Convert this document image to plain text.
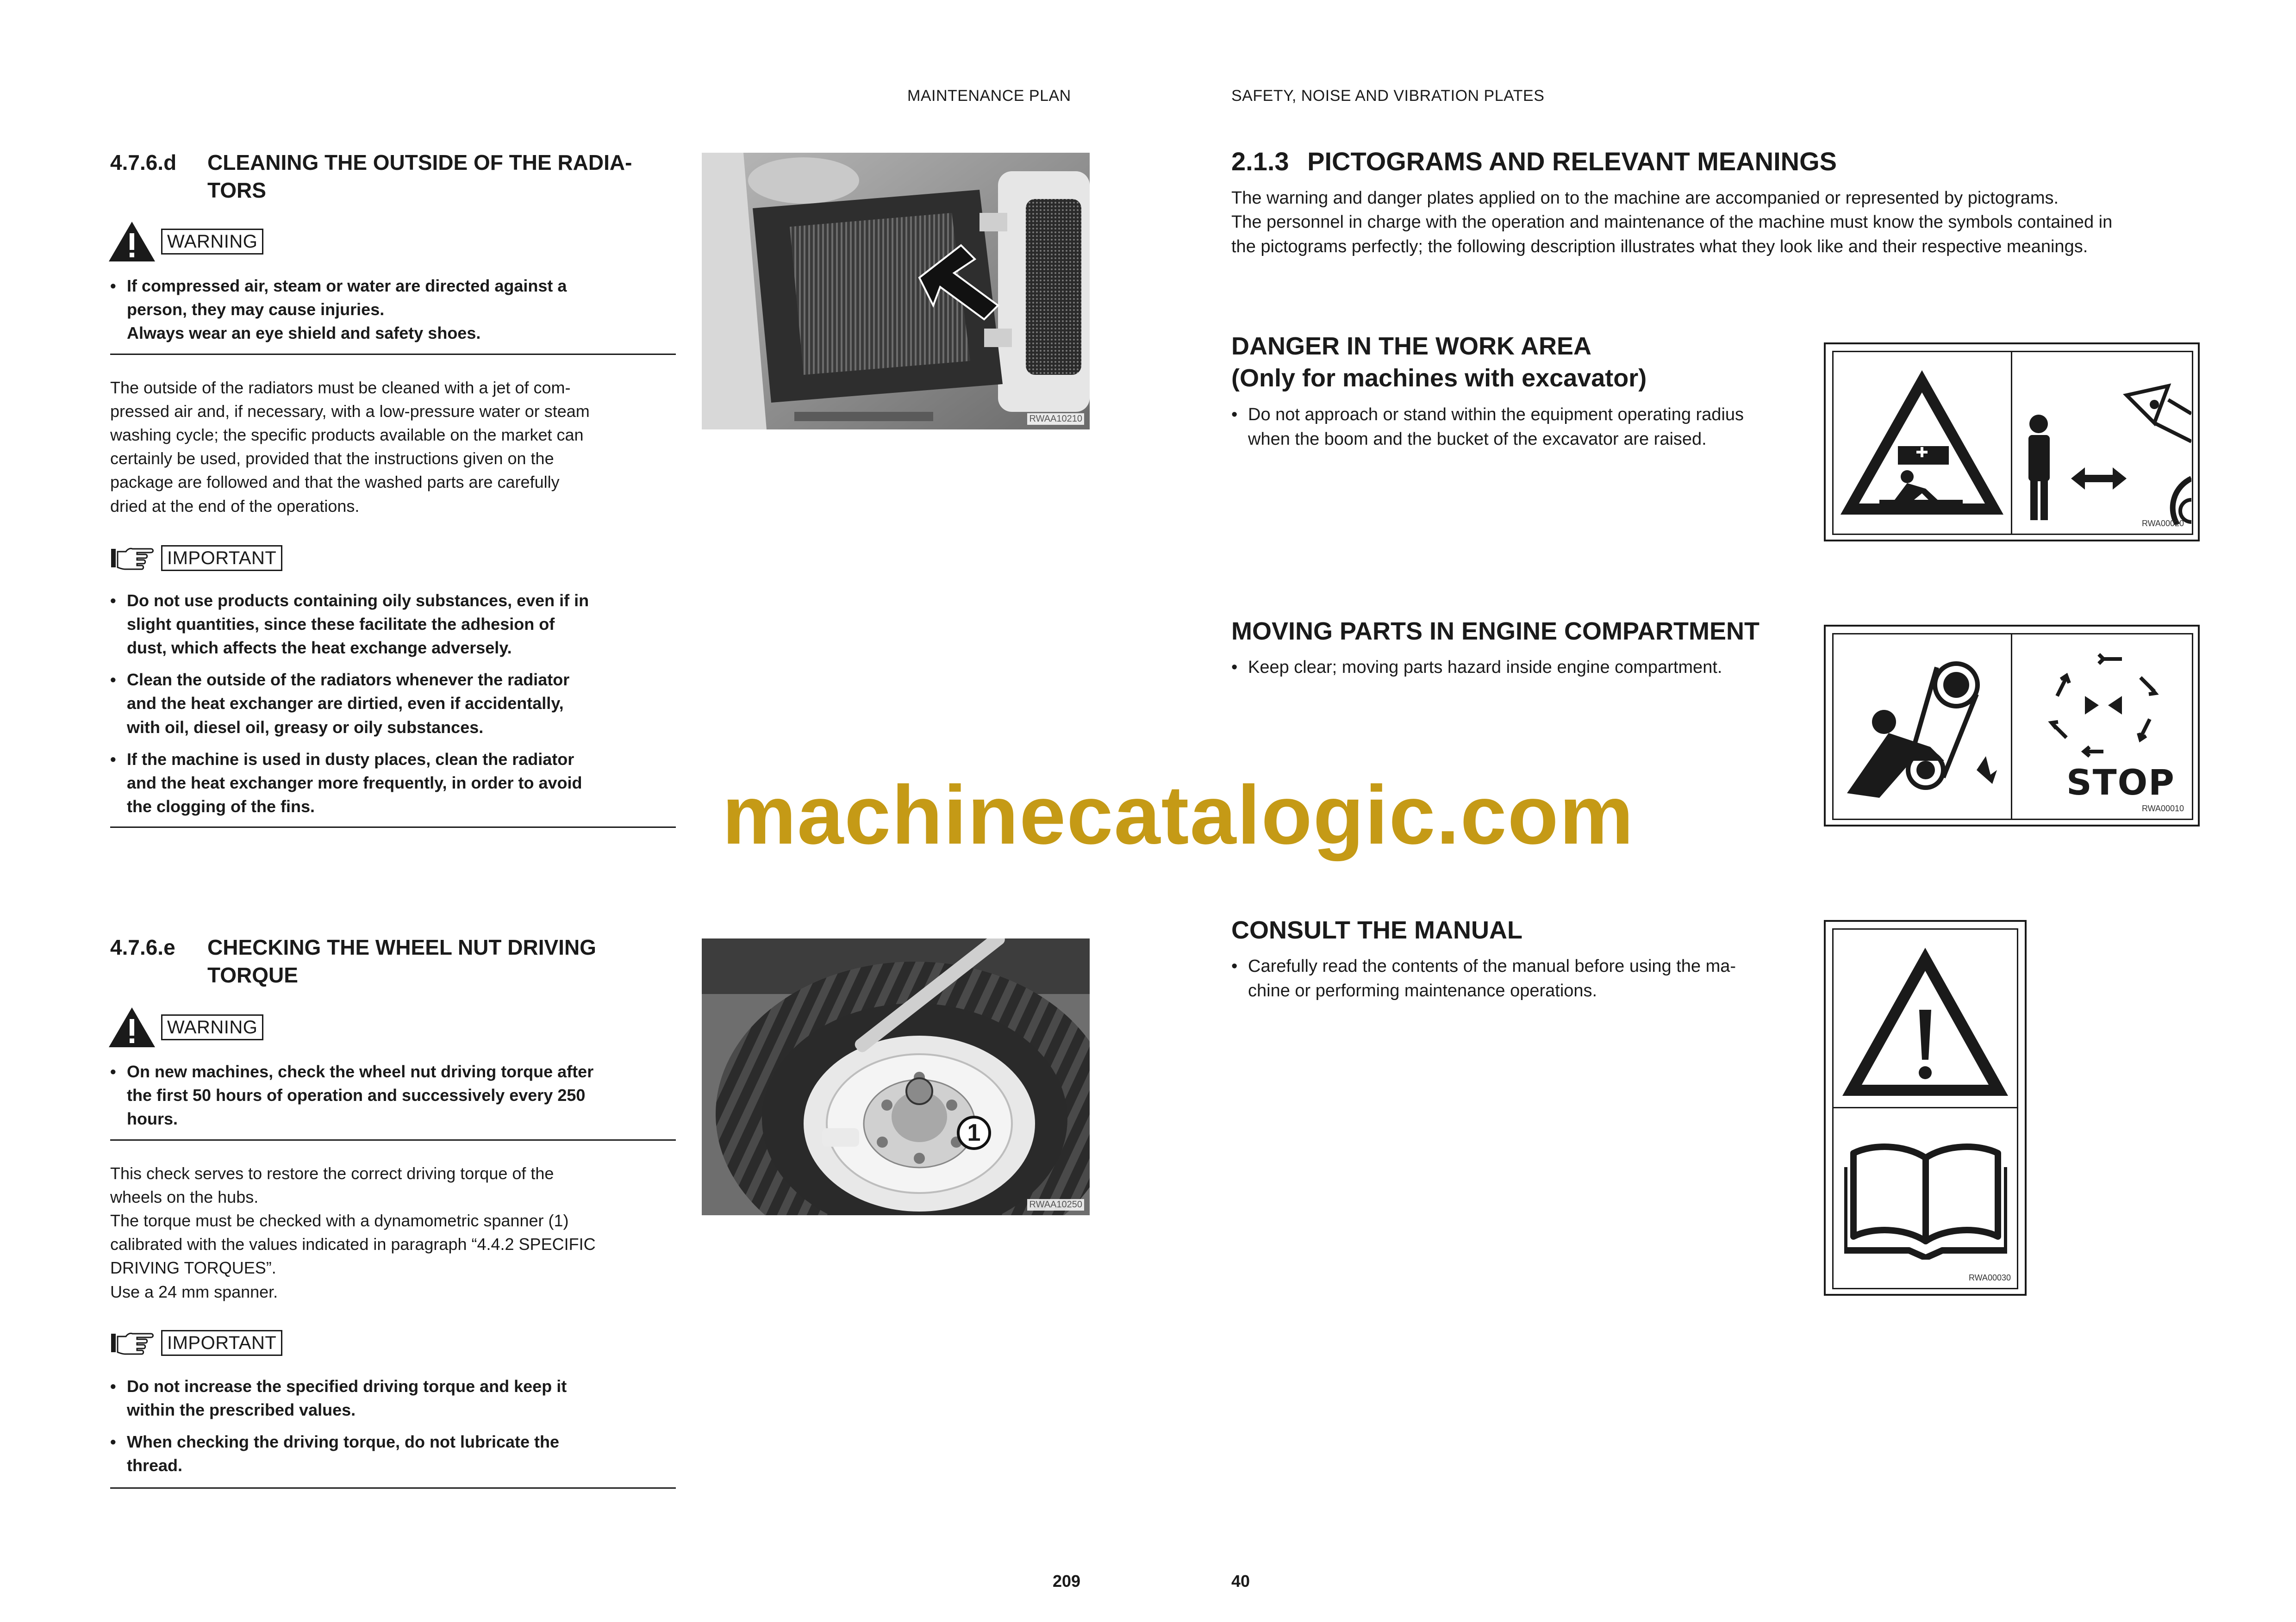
MAINTENANCE PLAN	SAFETY, NOISE AND VIBRATION PLATES
4.7.6.d CLEANING THE OUTSIDE OF THE RADIA-
TORS
WARNING
• If compressed air, steam or water are directed against a
person, they may cause injuries.
Always wear an eye shield and safety shoes.
The outside of the radiators must be cleaned with a jet of com-
pressed air and, if necessary, with a low-pressure water or steam
washing cycle; the specific products available on the market can
certainly be used, provided that the instructions given on the
package are followed and that the washed parts are carefully
dried at the end of the operations.
IMPORTANT
• Do not use products containing oily substances, even if in
slight quantities, since these facilitate the adhesion of
dust, which affects the heat exchange adversely.
• Clean the outside of the radiators whenever the radiator
and the heat exchanger are dirtied, even if accidentally,
with oil, diesel oil, greasy or oily substances.
• If the machine is used in dusty places, clean the radiator
and the heat exchanger more frequently, in order to avoid
the clogging of the fins.
RWAA10210
4.7.6.e CHECKING THE WHEEL NUT DRIVING
TORQUE
WARNING
• On new machines, check the wheel nut driving torque after
the first 50 hours of operation and successively every 250
hours.
This check serves to restore the correct driving torque of the
wheels on the hubs.
The torque must be checked with a dynamometric spanner (1)
calibrated with the values indicated in paragraph “4.4.2 SPECIFIC
DRIVING TORQUES”.
Use a 24 mm spanner.
IMPORTANT
• Do not increase the specified driving torque and keep it
within the prescribed values.
• When checking the driving torque, do not lubricate the
thread.
1
RWAA10250
209
2.1.3 PICTOGRAMS AND RELEVANT MEANINGS
The warning and danger plates applied on to the machine are accompanied or represented by pictograms.
The personnel in charge with the operation and maintenance of the machine must know the symbols contained in
the pictograms perfectly; the following description illustrates what they look like and their respective meanings.
DANGER IN THE WORK AREA
(Only for machines with excavator)
• Do not approach or stand within the equipment operating radius
when the boom and the bucket of the excavator are raised.
RWA00020
MOVING PARTS IN ENGINE COMPARTMENT
• Keep clear; moving parts hazard inside engine compartment.
STOP
RWA00010
CONSULT THE MANUAL
• Carefully read the contents of the manual before using the ma-
chine or performing maintenance operations.
RWA00030
40
machinecatalogic.com
